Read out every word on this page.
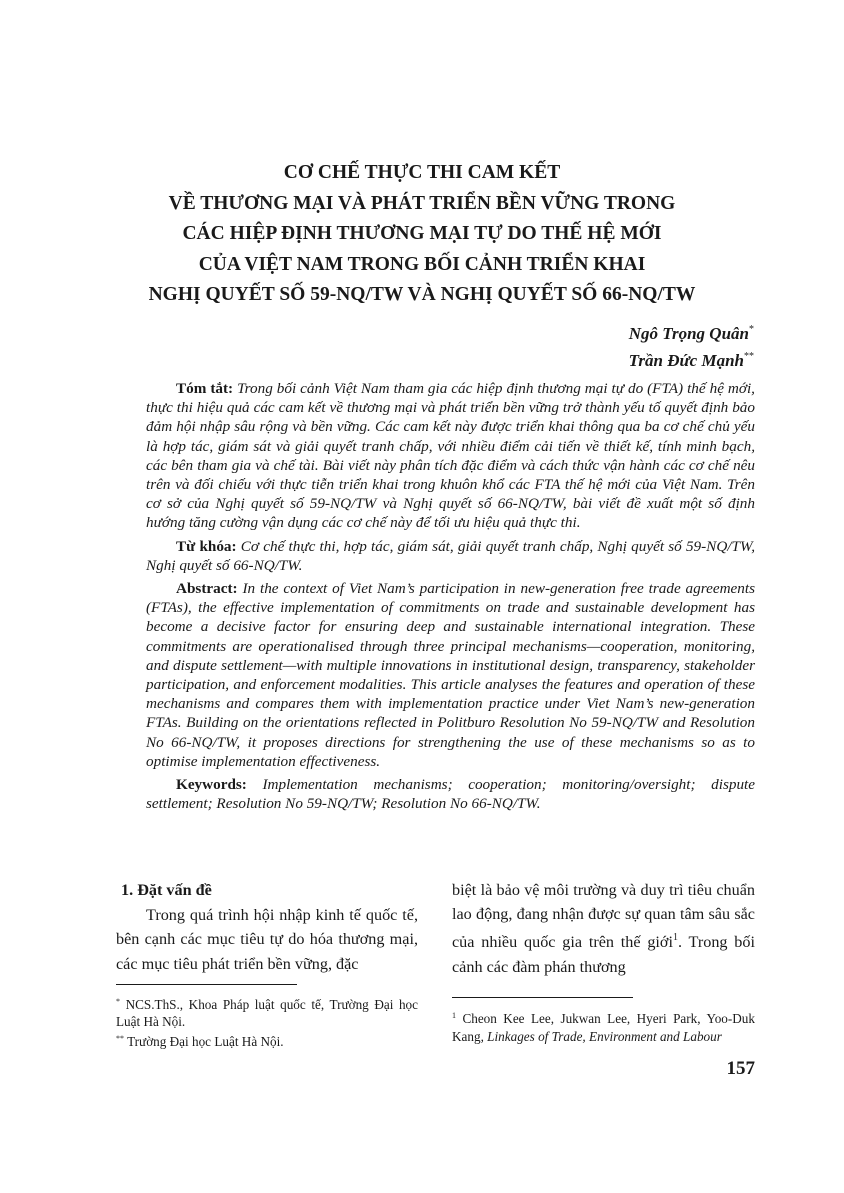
CƠ CHẾ THỰC THI CAM KẾT
VỀ THƯƠNG MẠI VÀ PHÁT TRIỂN BỀN VỮNG TRONG
CÁC HIỆP ĐỊNH THƯƠNG MẠI TỰ DO THẾ HỆ MỚI
CỦA VIỆT NAM TRONG BỐI CẢNH TRIỂN KHAI
NGHỊ QUYẾT SỐ 59-NQ/TW VÀ NGHỊ QUYẾT SỐ 66-NQ/TW
Ngô Trọng Quân*
Trần Đức Mạnh**

Tóm tắt: Trong bối cảnh Việt Nam tham gia các hiệp định thương mại tự do (FTA) thế hệ mới, thực thi hiệu quả các cam kết về thương mại và phát triển bền vững trở thành yếu tố quyết định bảo đảm hội nhập sâu rộng và bền vững. Các cam kết này được triển khai thông qua ba cơ chế chủ yếu là hợp tác, giám sát và giải quyết tranh chấp, với nhiều điểm cải tiến về thiết kế, tính minh bạch, các bên tham gia và chế tài. Bài viết này phân tích đặc điểm và cách thức vận hành các cơ chế nêu trên và đối chiếu với thực tiễn triển khai trong khuôn khổ các FTA thế hệ mới của Việt Nam. Trên cơ sở của Nghị quyết số 59-NQ/TW và Nghị quyết số 66-NQ/TW, bài viết đề xuất một số định hướng tăng cường vận dụng các cơ chế này để tối ưu hiệu quả thực thi.

Từ khóa: Cơ chế thực thi, hợp tác, giám sát, giải quyết tranh chấp, Nghị quyết số 59-NQ/TW, Nghị quyết số 66-NQ/TW.

Abstract: In the context of Viet Nam’s participation in new-generation free trade agreements (FTAs), the effective implementation of commitments on trade and sustainable development has become a decisive factor for ensuring deep and sustainable international integration. These commitments are operationalised through three principal mechanisms—cooperation, monitoring, and dispute settlement—with multiple innovations in institutional design, transparency, stakeholder participation, and enforcement modalities. This article analyses the features and operation of these mechanisms and compares them with implementation practice under Viet Nam’s new-generation FTAs. Building on the orientations reflected in Politburo Resolution No 59-NQ/TW and Resolution No 66-NQ/TW, it proposes directions for strengthening the use of these mechanisms so as to optimise implementation effectiveness.

Keywords: Implementation mechanisms; cooperation; monitoring/oversight; dispute settlement; Resolution No 59-NQ/TW; Resolution No 66-NQ/TW.

1. Đặt vấn đề

Trong quá trình hội nhập kinh tế quốc tế, bên cạnh các mục tiêu tự do hóa thương mại, các mục tiêu phát triển bền vững, đặc

biệt là bảo vệ môi trường và duy trì tiêu chuẩn lao động, đang nhận được sự quan tâm sâu sắc của nhiều quốc gia trên thế giới$^1$. Trong bối cảnh các đàm phán thương

* NCS.ThS., Khoa Pháp luật quốc tế, Trường Đại học Luật Hà Nội.

** Trường Đại học Luật Hà Nội.

$^1$ Cheon Kee Lee, Jukwan Lee, Hyeri Park, Yoo-Duk Kang, Linkages of Trade, Environment and Labour

157
